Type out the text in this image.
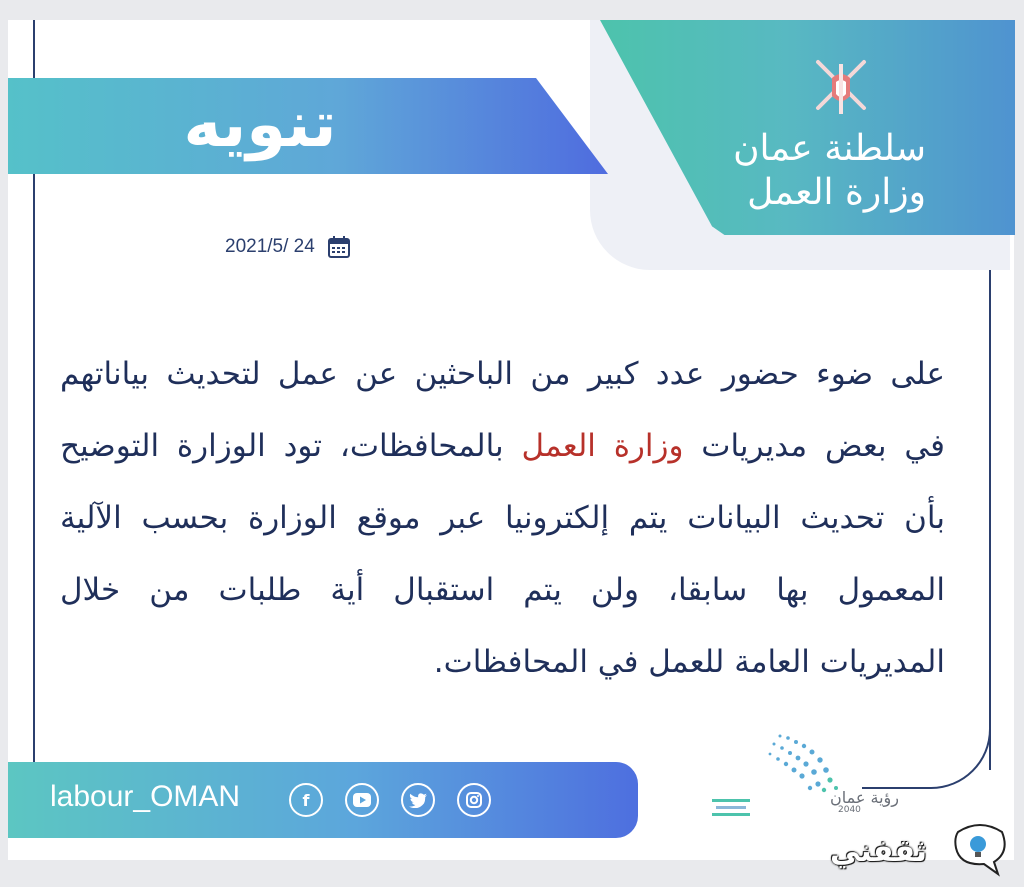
سلطنة عمان
وزارة العمل
تنويه
2021/5/ 24
على ضوء حضور عدد كبير من الباحثين عن عمل لتحديث بياناتهم
في بعض مديريات وزارة العمل بالمحافظات، تود الوزارة التوضيح
بأن تحديث البيانات يتم إلكترونيا عبر موقع الوزارة بحسب الآلية
المعمول بها سابقا، ولن يتم استقبال أية طلبات من خلال
المديريات العامة للعمل في المحافظات.
labour_OMAN	f	رؤية عمان
2040
ثقفني
